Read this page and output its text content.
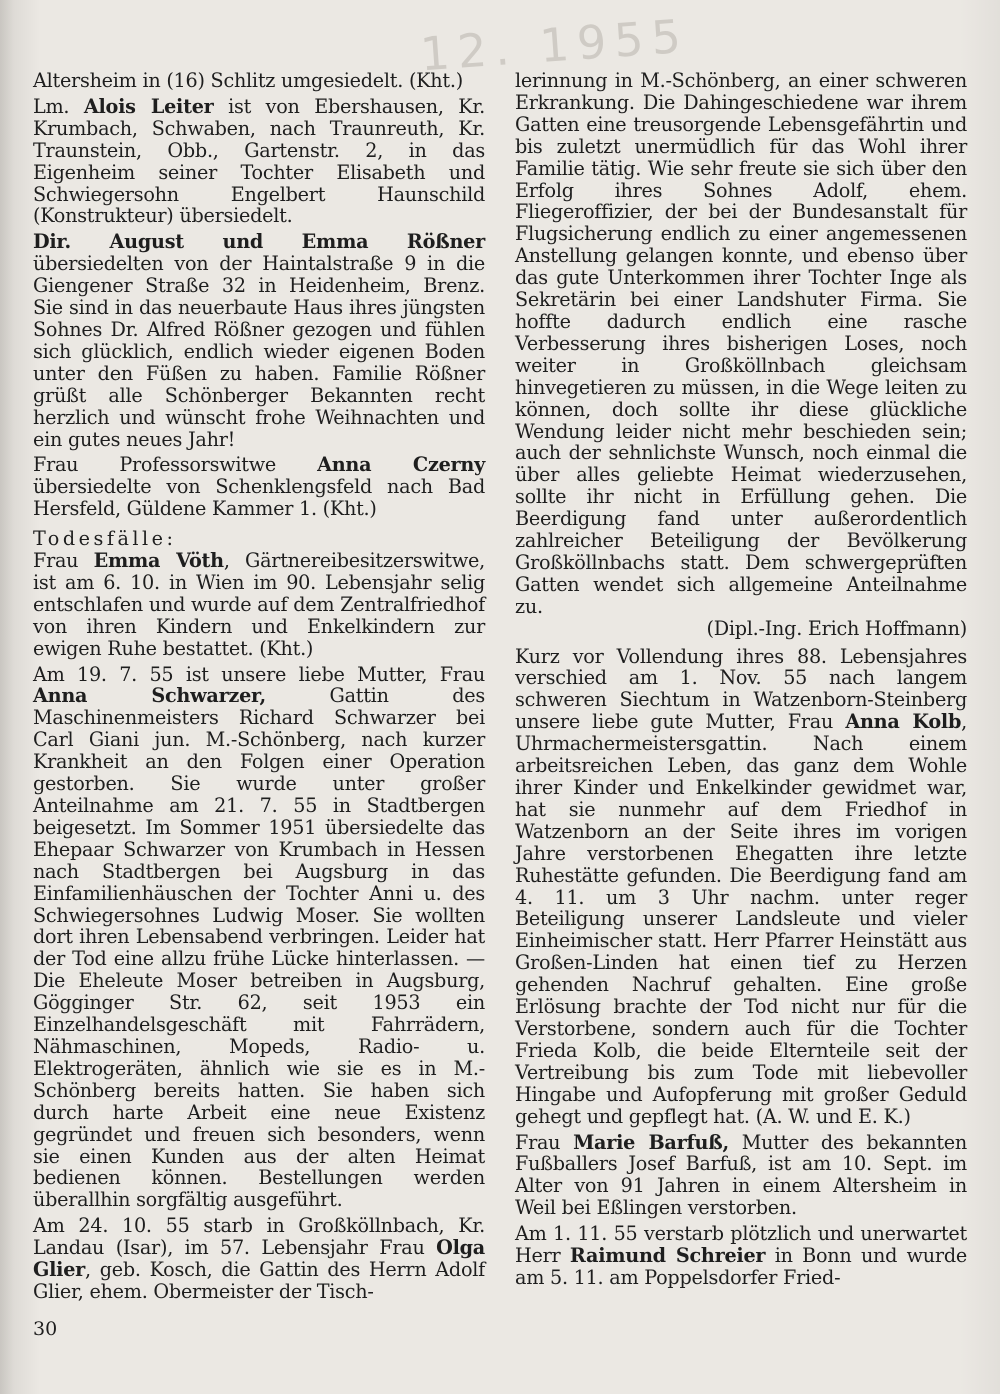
12. 1955

Altersheim in (16) Schlitz umgesiedelt. (Kht.)

Lm. Alois Leiter ist von Ebershausen, Kr. Krumbach, Schwaben, nach Traunreuth, Kr. Traunstein, Obb., Gartenstr. 2, in das Eigenheim seiner Tochter Elisabeth und Schwiegersohn Engelbert Haunschild (Konstrukteur) übersiedelt.

Dir. August und Emma Rößner übersiedelten von der Haintalstraße 9 in die Giengener Straße 32 in Heidenheim, Brenz. Sie sind in das neuerbaute Haus ihres jüngsten Sohnes Dr. Alfred Rößner gezogen und fühlen sich glücklich, endlich wieder eigenen Boden unter den Füßen zu haben. Familie Rößner grüßt alle Schönberger Bekannten recht herzlich und wünscht frohe Weihnachten und ein gutes neues Jahr!

Frau Professorswitwe Anna Czerny übersiedelte von Schenklengsfeld nach Bad Hersfeld, Güldene Kammer 1. (Kht.)

Todesfälle:

Frau Emma Vöth, Gärtnereibesitzerswitwe, ist am 6. 10. in Wien im 90. Lebensjahr selig entschlafen und wurde auf dem Zentralfriedhof von ihren Kindern und Enkelkindern zur ewigen Ruhe bestattet. (Kht.)

Am 19. 7. 55 ist unsere liebe Mutter, Frau Anna Schwarzer, Gattin des Maschinenmeisters Richard Schwarzer bei Carl Giani jun. M.-Schönberg, nach kurzer Krankheit an den Folgen einer Operation gestorben. Sie wurde unter großer Anteilnahme am 21. 7. 55 in Stadtbergen beigesetzt. Im Sommer 1951 übersiedelte das Ehepaar Schwarzer von Krumbach in Hessen nach Stadtbergen bei Augsburg in das Einfamilienhäuschen der Tochter Anni u. des Schwiegersohnes Ludwig Moser. Sie wollten dort ihren Lebensabend verbringen. Leider hat der Tod eine allzu frühe Lücke hinterlassen. — Die Eheleute Moser betreiben in Augsburg, Gögginger Str. 62, seit 1953 ein Einzelhandelsgeschäft mit Fahrrädern, Nähmaschinen, Mopeds, Radio- u. Elektrogeräten, ähnlich wie sie es in M.-Schönberg bereits hatten. Sie haben sich durch harte Arbeit eine neue Existenz gegründet und freuen sich besonders, wenn sie einen Kunden aus der alten Heimat bedienen können. Bestellungen werden überallhin sorgfältig ausgeführt.

Am 24. 10. 55 starb in Großköllnbach, Kr. Landau (Isar), im 57. Lebensjahr Frau Olga Glier, geb. Kosch, die Gattin des Herrn Adolf Glier, ehem. Obermeister der Tisch-

lerinnung in M.-Schönberg, an einer schweren Erkrankung. Die Dahingeschiedene war ihrem Gatten eine treusorgende Lebensgefährtin und bis zuletzt unermüdlich für das Wohl ihrer Familie tätig. Wie sehr freute sie sich über den Erfolg ihres Sohnes Adolf, ehem. Fliegeroffizier, der bei der Bundesanstalt für Flugsicherung endlich zu einer angemessenen Anstellung gelangen konnte, und ebenso über das gute Unterkommen ihrer Tochter Inge als Sekretärin bei einer Landshuter Firma. Sie hoffte dadurch endlich eine rasche Verbesserung ihres bisherigen Loses, noch weiter in Großköllnbach gleichsam hinvegetieren zu müssen, in die Wege leiten zu können, doch sollte ihr diese glückliche Wendung leider nicht mehr beschieden sein; auch der sehnlichste Wunsch, noch einmal die über alles geliebte Heimat wiederzusehen, sollte ihr nicht in Erfüllung gehen. Die Beerdigung fand unter außerordentlich zahlreicher Beteiligung der Bevölkerung Großköllnbachs statt. Dem schwergeprüften Gatten wendet sich allgemeine Anteilnahme zu.

(Dipl.-Ing. Erich Hoffmann)

Kurz vor Vollendung ihres 88. Lebensjahres verschied am 1. Nov. 55 nach langem schweren Siechtum in Watzenborn-Steinberg unsere liebe gute Mutter, Frau Anna Kolb, Uhrmachermeistersgattin. Nach einem arbeitsreichen Leben, das ganz dem Wohle ihrer Kinder und Enkelkinder gewidmet war, hat sie nunmehr auf dem Friedhof in Watzenborn an der Seite ihres im vorigen Jahre verstorbenen Ehegatten ihre letzte Ruhestätte gefunden. Die Beerdigung fand am 4. 11. um 3 Uhr nachm. unter reger Beteiligung unserer Landsleute und vieler Einheimischer statt. Herr Pfarrer Heinstätt aus Großen-Linden hat einen tief zu Herzen gehenden Nachruf gehalten. Eine große Erlösung brachte der Tod nicht nur für die Verstorbene, sondern auch für die Tochter Frieda Kolb, die beide Elternteile seit der Vertreibung bis zum Tode mit liebevoller Hingabe und Aufopferung mit großer Geduld gehegt und gepflegt hat. (A. W. und E. K.)

Frau Marie Barfuß, Mutter des bekannten Fußballers Josef Barfuß, ist am 10. Sept. im Alter von 91 Jahren in einem Altersheim in Weil bei Eßlingen verstorben.

Am 1. 11. 55 verstarb plötzlich und unerwartet Herr Raimund Schreier in Bonn und wurde am 5. 11. am Poppelsdorfer Fried-

30
